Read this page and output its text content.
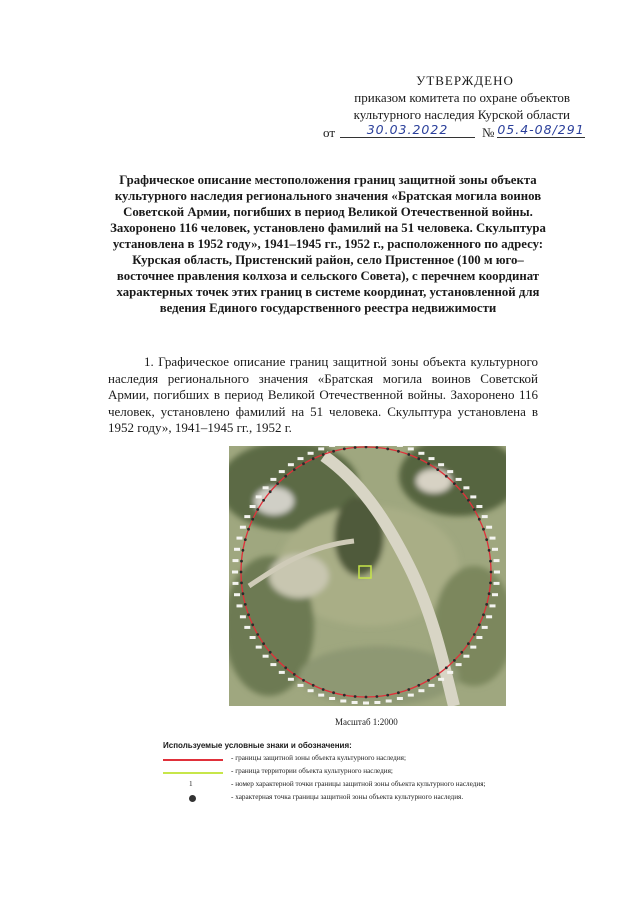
УТВЕРЖДЕНО
приказом комитета по охране объектов
культурного наследия Курской области
от	30.03.2022	№ 05.4-08/291
Графическое описание местоположения границ защитной зоны объекта культурного наследия регионального значения «Братская могила воинов Советской Армии, погибших в период Великой Отечественной войны. Захоронено 116 человек, установлено фамилий на 51 человека. Скульптура установлена в 1952 году», 1941–1945 гг., 1952 г., расположенного по адресу: Курская область, Пристенский район, село Пристенное (100 м юго–восточнее правления колхоза и сельского Совета), с перечнем координат характерных точек этих границ в системе координат, установленной для ведения Единого государственного реестра недвижимости

1. Графическое описание границ защитной зоны объекта культурного наследия регионального значения «Братская могила воинов Советской Армии, погибших в период Великой Отечественной войны. Захоронено 116 человек, установлено фамилий на 51 человека. Скульптура установлена в 1952 году», 1941–1945 гг., 1952 г.

Масштаб 1:2000
Используемые условные знаки и обозначения:
- границы защитной зоны объекта культурного наследия;
- граница территории объекта культурного наследия;
1	- номер характерной точки границы защитной зоны объекта культурного наследия;
- характерная точка границы защитной зоны объекта культурного наследия.
